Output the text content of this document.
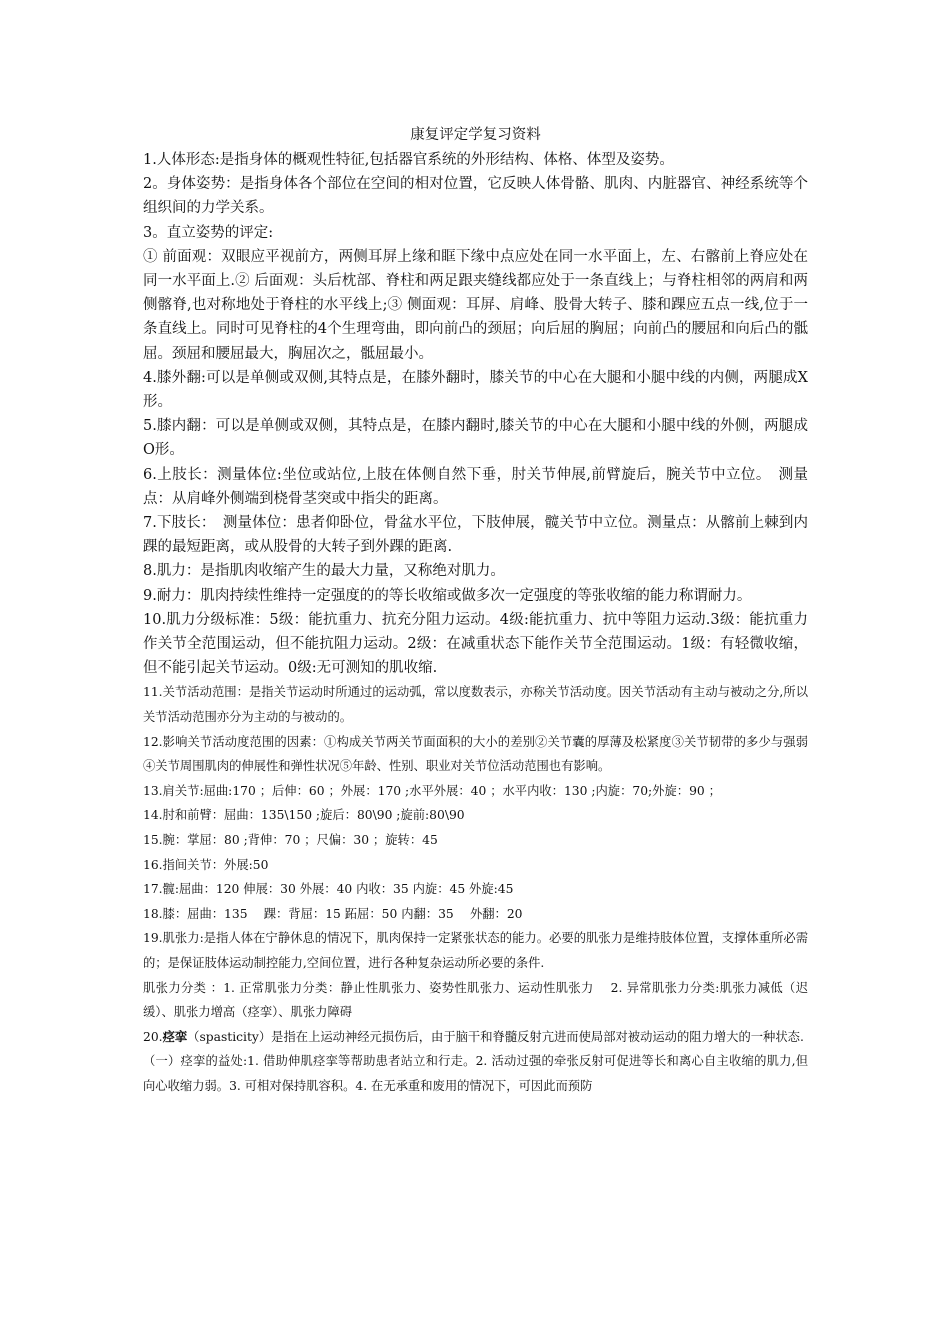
康复评定学复习资料

1.人体形态:是指身体的概观性特征,包括器官系统的外形结构、体格、体型及姿势。

2。身体姿势：是指身体各个部位在空间的相对位置，它反映人体骨骼、肌肉、内脏器官、神经系统等个组织间的力学关系。

3。直立姿势的评定:

① 前面观：双眼应平视前方，两侧耳屏上缘和眶下缘中点应处在同一水平面上，左、右髂前上脊应处在同一水平面上.② 后面观：头后枕部、脊柱和两足跟夹缝线都应处于一条直线上；与脊柱相邻的两肩和两侧髂脊,也对称地处于脊柱的水平线上;③ 侧面观：耳屏、肩峰、股骨大转子、膝和踝应五点一线,位于一条直线上。同时可见脊柱的4个生理弯曲，即向前凸的颈屈；向后屈的胸屈；向前凸的腰屈和向后凸的骶屈。颈屈和腰屈最大，胸屈次之，骶屈最小。

4.膝外翻:可以是单侧或双侧,其特点是，在膝外翻时，膝关节的中心在大腿和小腿中线的内侧，两腿成X形。

5.膝内翻：可以是单侧或双侧，其特点是，在膝内翻时,膝关节的中心在大腿和小腿中线的外侧，两腿成O形。

6.上肢长：测量体位:坐位或站位,上肢在体侧自然下垂，肘关节伸展,前臂旋后，腕关节中立位。　测量点：从肩峰外侧端到桡骨茎突或中指尖的距离。

7.下肢长：　测量体位：患者仰卧位，骨盆水平位，下肢伸展，髋关节中立位。测量点：从髂前上棘到内踝的最短距离，或从股骨的大转子到外踝的距离.

8.肌力：是指肌肉收缩产生的最大力量，又称绝对肌力。

9.耐力：肌肉持续性维持一定强度的的等长收缩或做多次一定强度的等张收缩的能力称谓耐力。

10.肌力分级标准：5级：能抗重力、抗充分阻力运动。4级:能抗重力、抗中等阻力运动.3级：能抗重力作关节全范围运动，但不能抗阻力运动。2级：在减重状态下能作关节全范围运动。1级：有轻微收缩，但不能引起关节运动。0级:无可测知的肌收缩.

11.关节活动范围：是指关节运动时所通过的运动弧，常以度数表示，亦称关节活动度。因关节活动有主动与被动之分,所以关节活动范围亦分为主动的与被动的。

12.影响关节活动度范围的因素：①构成关节两关节面面积的大小的差别②关节囊的厚薄及松紧度③关节韧带的多少与强弱④关节周围肌肉的伸展性和弹性状况⑤年龄、性别、职业对关节位活动范围也有影响。

13.肩关节:屈曲:170 ；后伸：60 ；外展：170 ;水平外展：40 ；水平内收：130 ;内旋：70;外旋：90 ；

14.肘和前臂：屈曲：135\150 ;旋后：80\90 ;旋前:80\90

15.腕：掌屈：80 ;背伸：70 ；尺偏：30 ；旋转：45

16.指间关节：外展:50

17.髋:屈曲：120 伸展：30 外展：40 内收：35 内旋：45 外旋:45

18.膝：屈曲：135　 踝：背屈：15 跖屈：50 内翻：35　 外翻：20

19.肌张力:是指人体在宁静休息的情况下，肌肉保持一定紧张状态的能力。必要的肌张力是维持肢体位置，支撑体重所必需的；是保证肢体运动制控能力,空间位置，进行各种复杂运动所必要的条件.

肌张力分类 ：1. 正常肌张力分类：静止性肌张力、姿势性肌张力、运动性肌张力　 2. 异常肌张力分类:肌张力减低（迟缓）、肌张力增高（痉挛）、肌张力障碍

20.痉挛（spasticity）是指在上运动神经元损伤后，由于脑干和脊髓反射亢进而使局部对被动运动的阻力增大的一种状态.

（一）痉挛的益处:1. 借助伸肌痉挛等帮助患者站立和行走。2. 活动过强的牵张反射可促进等长和离心自主收缩的肌力,但向心收缩力弱。3. 可相对保持肌容积。4. 在无承重和废用的情况下，可因此而预防
